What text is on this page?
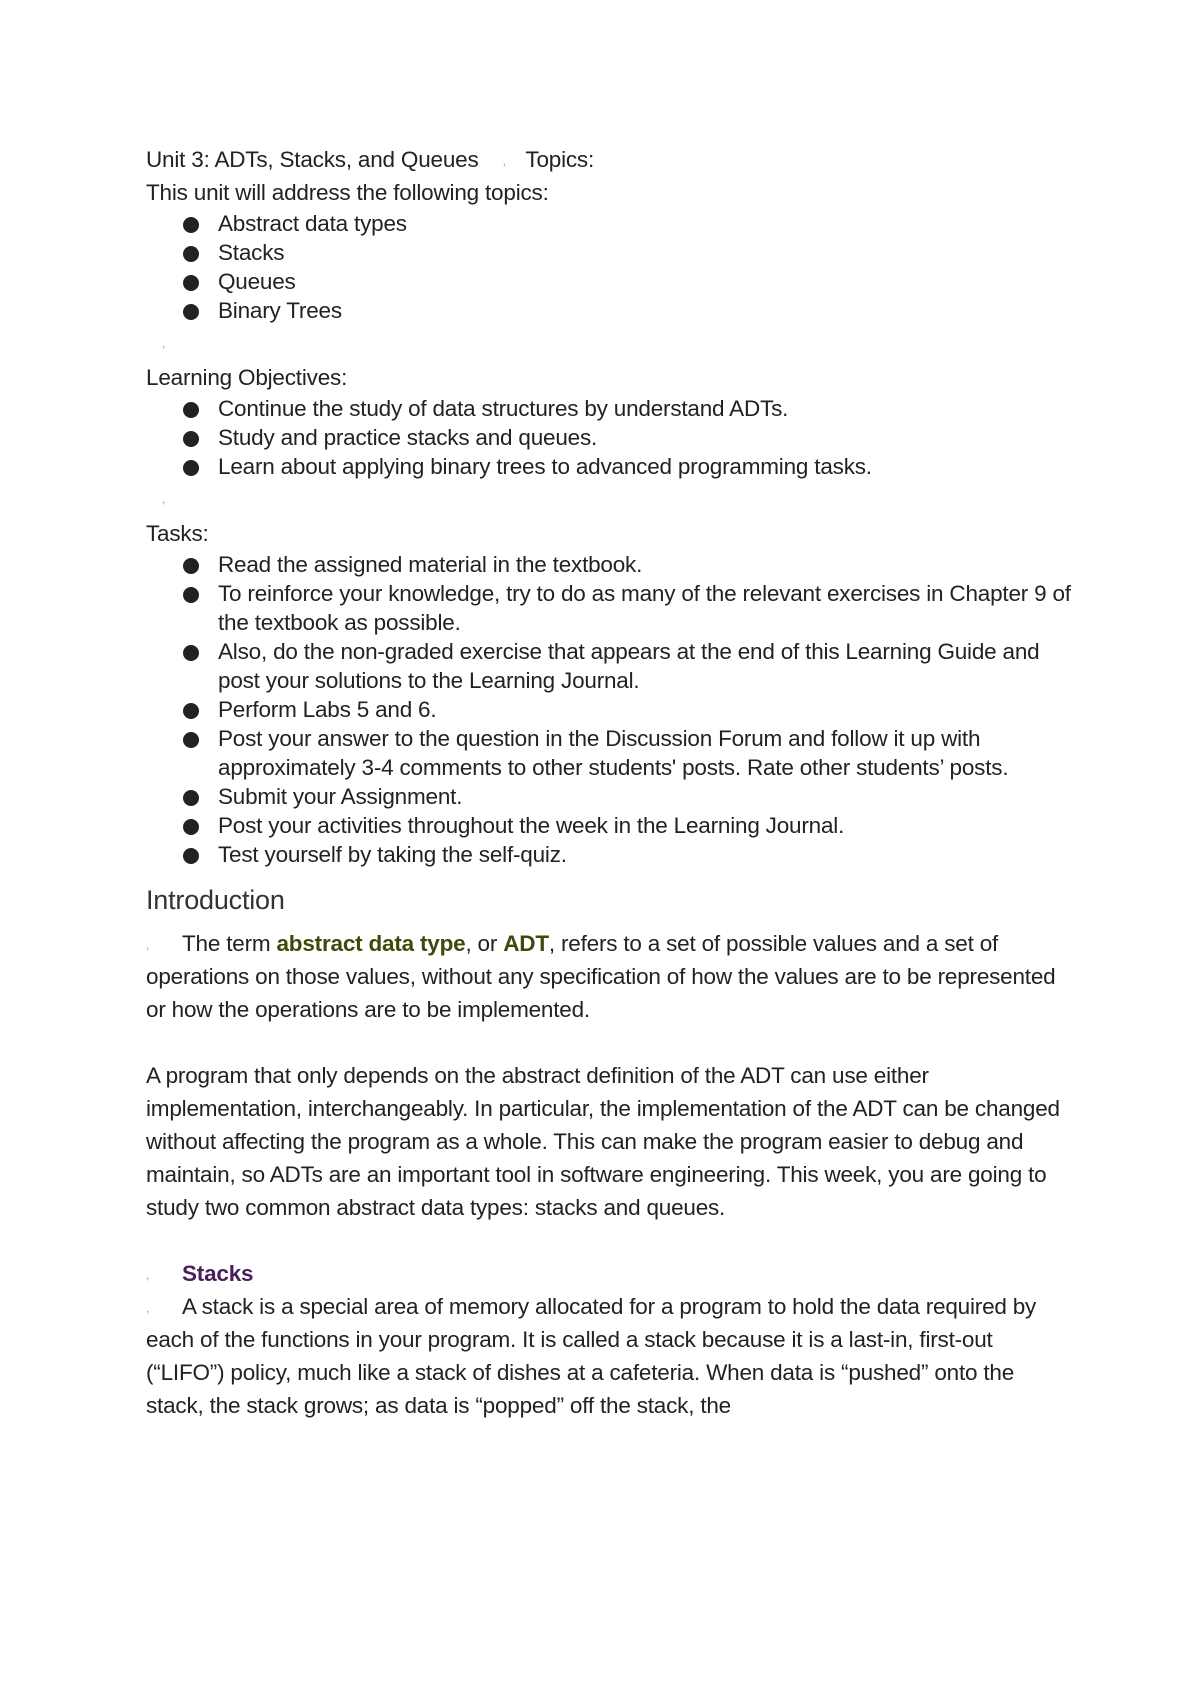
Unit 3: ADTs, Stacks, and Queues , Topics:

This unit will address the following topics:

Abstract data types
Stacks
Queues
Binary Trees
,

Learning Objectives:

Continue the study of data structures by understand ADTs.
Study and practice stacks and queues.
Learn about applying binary trees to advanced programming tasks.
,

Tasks:

Read the assigned material in the textbook.
To reinforce your knowledge, try to do as many of the relevant exercises in Chapter 9 of the textbook as possible.
Also, do the non-graded exercise that appears at the end of this Learning Guide and post your solutions to the Learning Journal.
Perform Labs 5 and 6.
Post your answer to the question in the Discussion Forum and follow it up with approximately 3-4 comments to other students' posts. Rate other students’ posts.
Submit your Assignment.
Post your activities throughout the week in the Learning Journal.
Test yourself by taking the self-quiz.

Introduction

, The term abstract data type, or ADT, refers to a set of possible values and a set of operations on those values, without any specification of how the values are to be represented or how the operations are to be implemented.

A program that only depends on the abstract definition of the ADT can use either implementation, interchangeably. In particular, the implementation of the ADT can be changed without affecting the program as a whole. This can make the program easier to debug and maintain, so ADTs are an important tool in software engineering. This week, you are going to study two common abstract data types: stacks and queues.

, Stacks

, A stack is a special area of memory allocated for a program to hold the data required by each of the functions in your program. It is called a stack because it is a last-in, first-out (“LIFO”) policy, much like a stack of dishes at a cafeteria. When data is “pushed” onto the stack, the stack grows; as data is “popped” off the stack, the
